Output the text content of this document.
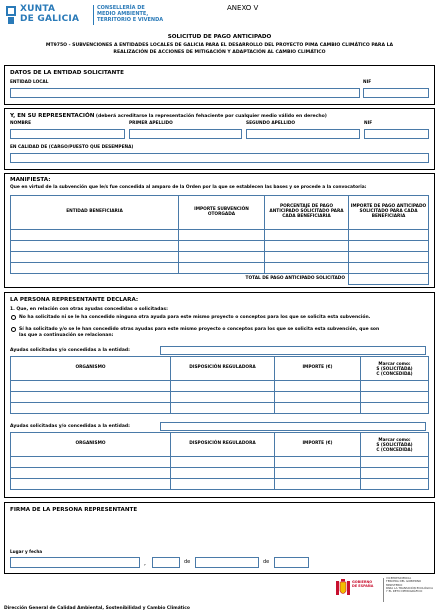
XUNTA
DE GALICIA
CONSELLERÍA DE
MEDIO AMBIENTE,
TERRITORIO E VIVENDA
ANEXO V
SOLICITUD DE PAGO ANTICIPADO
MT975O - SUBVENCIONES A ENTIDADES LOCALES DE GALICIA PARA EL DESARROLLO DEL PROYECTO PIMA CAMBIO CLIMÁTICO PARA LA
REALIZACIÓN DE ACCIONES DE MITIGACIÓN Y ADAPTACIÓN AL CAMBIO CLIMÁTICO
DATOS DE LA ENTIDAD SOLICITANTE
ENTIDAD LOCAL	NIF
Y, EN SU REPRESENTACIÓN (deberá acreditarse la representación fehaciente por cualquier medio válido en derecho)
NOMBRE	PRIMER APELLIDO	SEGUNDO APELLIDO	NIF
EN CALIDAD DE (CARGO/PUESTO QUE DESEMPEÑA)
MANIFIESTA:
Que en virtud de la subvención que le/s fue concedida al amparo de la Orden por la que se establecen las bases y se procede a la convocatoria:
ENTIDAD BENEFICIARIA	IMPORTE SUBVENCIÓN OTORGADA	PORCENTAJE DE PAGO ANTICIPADO SOLICITADO PARA CADA BENEFICIARIA	IMPORTE DE PAGO ANTICIPADO SOLICITADO PARA CADA BENEFICIARIA

TOTAL DE PAGO ANTICIPADO SOLICITADO			
LA PERSONA REPRESENTANTE DECLARA:
1. Que, en relación con otras ayudas concedidas o solicitadas:
No ha solicitado ni se le ha concedido ninguna otra ayuda para este mismo proyecto o conceptos para los que se solicita esta subvención.
Sí ha solicitado y/o se le han concedido otras ayudas para este mismo proyecto o conceptos para los que se solicita esta subvención, que son
las que a continuación se relacionan:
Ayudas solicitadas y/o concedidas a la entidad:
Ayudas solicitadas y/o concedidas a la entidad:
ORGANISMO	DISPOSICIÓN REGULADORA	IMPORTE (€)	Marcar como:
S (SOLICITADA)
C (CONCEDIDA)

ORGANISMO	DISPOSICIÓN REGULADORA	IMPORTE (€)	Marcar como:
S (SOLICITADA)
C (CONCEDIDA)

FIRMA DE LA PERSONA REPRESENTANTE
Lugar y fecha
,	de	de
GOBIERNO
DE ESPAÑA
VICEPRESIDENCIA
TERCERA DEL GOBIERNO
MINISTERIO
PARA LA TRANSICIÓN ECOLÓGICA
Y EL RETO DEMOGRÁFICO
Dirección General de Calidad Ambiental, Sostenibilidad y Cambio Climático
